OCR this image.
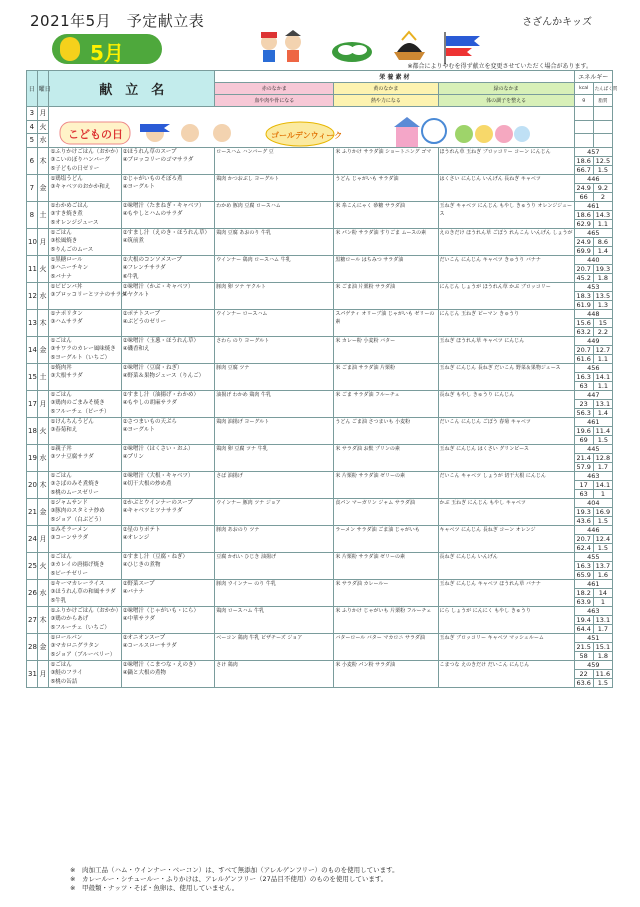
2021年5月　予定献立表	さざんかキッズ
5月
※都合によりやむを得ず献立を変更させていただく場合があります。
日	曜日	献　立　名		栄 養 素 材			エネルギー	
				赤のなかま	黄のなかま	緑のなかま	kcal	たんぱく質
				血や肉や骨になる	熱や力になる	体の調子を整える	g	脂質
3	月							
4	火							
5	水							
6	木	①ふりかけごはん（おかか）	②ほうれん草のスープ	ロースハム ハンバーグ 豆	米 ふりかけ サラダ油 ショートニング ゴマ	ほうれん草 玉ねぎ ブロッコリー コーン にんじん	457	
		③こいのぼりハンバーグ	④ブロッコリーのゴマサラダ				18.6	12.5
		⑤子どもの日ゼリー					66.7	1.5
7	金	①鶏塩うどん	②じゃがいものそぼろ煮	鶏肉 かつおぶし ヨーグルト	うどん じゃがいも サラダ油	はくさい にんじん いんげん 長ねぎ キャベツ	446	
		③キャベツのおかか和え	④ヨーグルト				24.9	9.2
							66	2
8	土	①わかめごはん	②味噌汁（たまねぎ・キャベツ）	わかめ 豚肉 豆腐 ロースハム	米 糸こんにゃく 砂糖 サラダ油	玉ねぎ キャベツ にんじん もやし きゅうり オレンジジュース	461	
		③すき焼き煮	④もやしとハムのサラダ				18.6	14.3
		⑤オレンジジュース					62.9	1.1
10	月	①ごはん	②すまし汁（えのき・ほうれん草）	鶏肉 豆腐 あおのり 牛乳	米 パン粉 サラダ油 すりごま ムースの素	えのきだけ ほうれん草 ごぼう れんこん いんげん しょうが	465	
		③松風焼き	④筑前煮				24.9	8.6
		⑤りんごのムース					69.9	1.4
11	火	①黒糖ロール	②大根のコンソメスープ	ウインナー 鶏肉 ロースハム 牛乳	黒糖ロール はちみつ サラダ油	だいこん にんじん キャベツ きゅうり バナナ	440	
		③ハニーチキン	④フレンチサラダ				20.7	19.3
		⑤バナナ	⑥牛乳				45.2	1.8
12	水	①ビビンバ丼	②味噌汁（かぶ・キャベツ）	豚肉 卵 ツナ ヤクルト	米 ごま油 片栗粉 サラダ油	にんじん しょうが ほうれん草 かぶ ブロッコリー	453	
		③ブロッコリーとツナのサラダ	④ヤクルト				18.3	13.5
							61.9	1.3
13	木	①ナポリタン	②ポテトスープ	ウインナー ロースハム	スパゲティ オリーブ油 じゃがいも ゼリーの素	にんじん 玉ねぎ ピーマン きゅうり	448	
		③ハムサラダ	④ぶどうのゼリー				15.6	15
							63.2	2.2
14	金	①ごはん	②味噌汁（玉葱・ほうれん草）	さわら のり ヨーグルト	米 カレー粉 小麦粉 バター	玉ねぎ ほうれん草 キャベツ にんじん	449	
		③サワラのカレー風味焼き	④磯香和え				20.7	12.7
		⑤ヨーグルト（いちご）					61.6	1.1
15	土	①焼肉丼	②味噌汁（豆腐・ねぎ）	豚肉 豆腐 ツナ	米 ごま油 サラダ油 片栗粉	玉ねぎ にんじん 長ねぎ だいこん 野菜＆果物ジュース	456	
		③大根サラダ	④野菜＆果物ジュース（りんご）				16.3	14.1
							63	1.1
17	月	①ごはん	②すまし汁（油揚げ・わかめ）	油揚げ わかめ 鶏肉 牛乳	米 ごま サラダ油 フルーチェ	長ねぎ もやし きゅうり にんじん	447	
		③鶏肉のごまみそ焼き	④もやしの胡麻サラダ				23	13.1
		⑤フルーチェ（ピーチ）					56.3	1.4
18	火	①けんちんうどん	②さつまいもの天ぷら	鶏肉 油揚げ ヨーグルト	うどん ごま油 さつまいも 小麦粉	だいこん にんじん ごぼう 春菊 キャベツ	461	
		③春菊和え	④ヨーグルト				19.6	11.4
							69	1.5
19	水	①親子丼	②味噌汁（はくさい・おふ）	鶏肉 卵 豆腐 ツナ 牛乳	米 サラダ油 お麩 プリンの素	玉ねぎ にんじん はくさい グリンピース	445	
		③ツナ豆腐サラダ	④プリン				21.4	12.8
							57.9	1.7
20	木	①ごはん	②味噌汁（大根・キャベツ）	さば 油揚げ	米 片栗粉 サラダ油 ゼリーの素	だいこん キャベツ しょうが 切干大根 にんじん	463	
		③さばのみそ煮焼き	④切干大根の炒め煮				17	14.1
		⑤桃のムースゼリー					63	1
21	金	①ジャムサンド	②かぶとウインナーのスープ	ウインナー 豚肉 ツナ ジョア	食パン マーガリン ジャム サラダ油	かぶ 玉ねぎ にんじん もやし キャベツ	404	
		③豚肉のスタミナ炒め	④キャベツとツナサラダ				19.3	16.9
		⑤ジョア（白ぶどう）					43.6	1.5
24	月	①みそラーメン	②星のりポテト	豚肉 あおのり ツナ	ラーメン サラダ油 ごま油 じゃがいも	キャベツ にんじん 長ねぎ コーン オレンジ	446	
		③コーンサラダ	④オレンジ				20.7	12.4
							62.4	1.5
25	火	①ごはん	②すまし汁（豆腐・ねぎ）	豆腐 かれい ひじき 油揚げ	米 片栗粉 サラダ油 ゼリーの素	長ねぎ にんじん いんげん	455	
		③カレイの唐揚げ焼き	④ひじきの煮物				16.3	13.7
		⑤ピーチゼリー					65.9	1.6
26	水	①キーマカレーライス	②野菜スープ	豚肉 ウインナー のり 牛乳	米 サラダ油 カレールー	玉ねぎ にんじん キャベツ ほうれん草 バナナ	461	
		③ほうれん草の和風サラダ	④バナナ				18.2	14
		⑤牛乳					63.9	1
27	木	①ふりかけごはん（おかか）	②味噌汁（じゃがいも・にら）	鶏肉 ロースハム 牛乳	米 ふりかけ じゃがいも 片栗粉 フルーチェ	にら しょうが にんにく もやし きゅうり	463	
		③鶏のからあげ	④中華サラダ				19.4	13.1
		⑤フルーチェ（いちご）					64.4	1.7
28	金	①ロールパン	②オニオンスープ	ベーコン 鶏肉 牛乳 ピザチーズ ジョア	バターロール バター マカロニ サラダ油	玉ねぎ ブロッコリー キャベツ マッシュルーム	451	
		③マカロニグラタン	④コールスローサラダ				21.5	15.1
		⑤ジョア（ブルーベリー）					58	1.8
31	月	①ごはん	②味噌汁（こまつな・えのき）	さけ 鶏肉	米 小麦粉 パン粉 サラダ油	こまつな えのきだけ だいこん にんじん	459	
		③鮭のフライ	④鍋と大根の煮物				22	11.6
		⑤桃の缶詰					63.6	1.5
こどもの日	ゴールデンウィーク
※　肉加工品（ハム・ウインナー・ベーコン）は、すべて無添加（アレルゲンフリー）のものを使用しています。
※　カレールー・シチュールー・ふりかけは、アレルゲンフリー（27品目不使用）のものを使用しています。
※　甲殻類・ナッツ・そば・魚卵は、使用していません。
